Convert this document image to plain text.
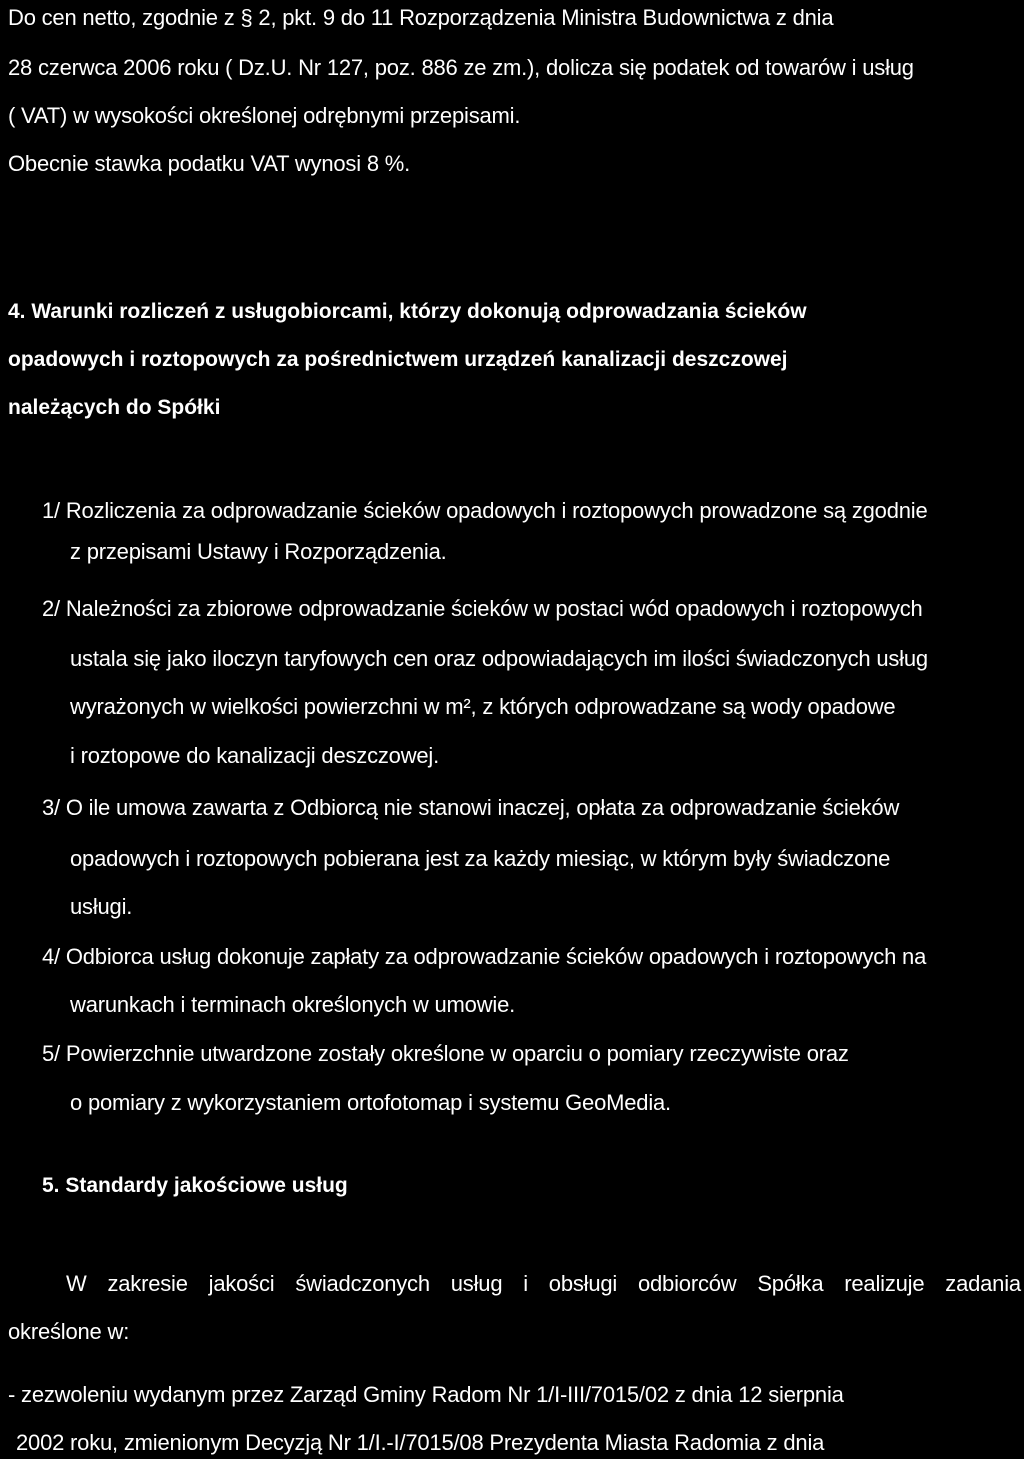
Do cen netto, zgodnie z § 2, pkt. 9 do 11 Rozporządzenia Ministra Budownictwa z dnia
28 czerwca 2006 roku ( Dz.U. Nr 127, poz. 886 ze zm.), dolicza się podatek od towarów i usług
( VAT) w wysokości określonej odrębnymi przepisami.
Obecnie stawka podatku VAT wynosi 8 %.
4. Warunki rozliczeń z usługobiorcami, którzy dokonują odprowadzania ścieków
opadowych i roztopowych za pośrednictwem urządzeń kanalizacji deszczowej
należących do Spółki
1/ Rozliczenia za odprowadzanie ścieków opadowych i roztopowych prowadzone są zgodnie
z przepisami Ustawy i Rozporządzenia.
2/ Należności za zbiorowe odprowadzanie ścieków w postaci wód opadowych i roztopowych
ustala się jako iloczyn taryfowych cen oraz odpowiadających im ilości świadczonych usług
wyrażonych w wielkości powierzchni w m², z których odprowadzane są wody opadowe
i roztopowe do kanalizacji deszczowej.
3/ O ile umowa zawarta z Odbiorcą nie stanowi inaczej, opłata za odprowadzanie ścieków
opadowych i roztopowych pobierana jest za każdy miesiąc, w którym były świadczone
usługi.
4/ Odbiorca usług dokonuje zapłaty za odprowadzanie ścieków opadowych i roztopowych na
warunkach i terminach określonych w umowie.
5/ Powierzchnie utwardzone zostały określone w oparciu o pomiary rzeczywiste oraz
o pomiary z wykorzystaniem ortofotomap i systemu GeoMedia.
5. Standardy jakościowe usług
W zakresie jakości świadczonych usług i obsługi odbiorców Spółka realizuje zadania
określone w:
- zezwoleniu wydanym przez Zarząd Gminy Radom Nr 1/I-III/7015/02 z dnia 12 sierpnia
2002 roku, zmienionym Decyzją Nr 1/I.-I/7015/08 Prezydenta Miasta Radomia z dnia
